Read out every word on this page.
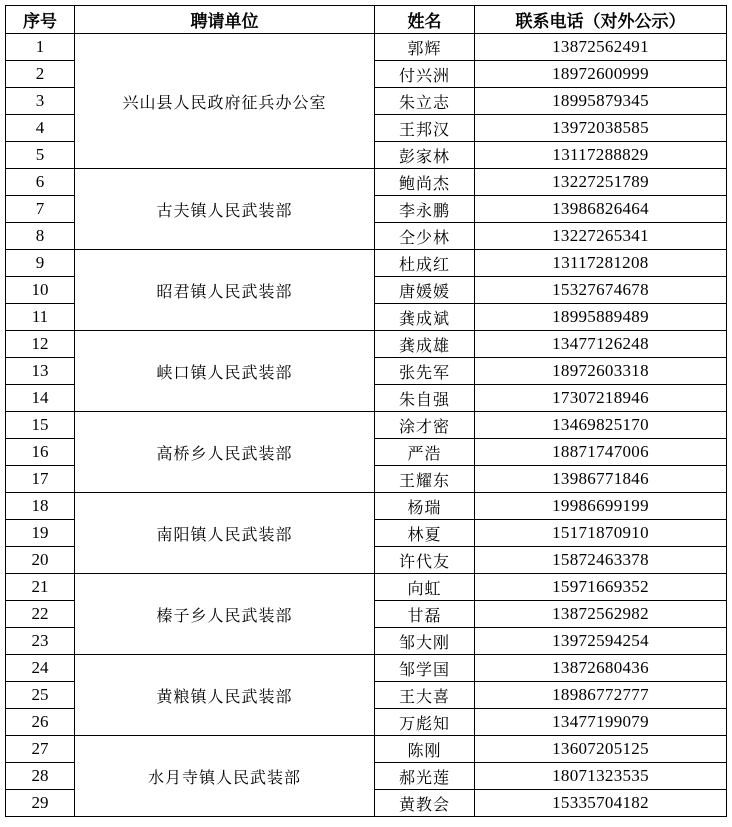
序号	聘请单位	姓名	联系电话（对外公示）
1	兴山县人民政府征兵办公室	郭辉	13872562491
2		付兴洲	18972600999
3		朱立志	18995879345
4		王邦汉	13972038585
5		彭家林	13117288829
6	古夫镇人民武装部	鲍尚杰	13227251789
7		李永鹏	13986826464
8		仝少林	13227265341
9	昭君镇人民武装部	杜成红	13117281208
10		唐媛媛	15327674678
11		龚成斌	18995889489
12	峡口镇人民武装部	龚成雄	13477126248
13		张先军	18972603318
14		朱自强	17307218946
15	高桥乡人民武装部	涂才密	13469825170
16		严浩	18871747006
17		王耀东	13986771846
18	南阳镇人民武装部	杨瑞	19986699199
19		林夏	15171870910
20		许代友	15872463378
21	榛子乡人民武装部	向虹	15971669352
22		甘磊	13872562982
23		邹大刚	13972594254
24	黄粮镇人民武装部	邹学国	13872680436
25		王大喜	18986772777
26		万彪知	13477199079
27	水月寺镇人民武装部	陈刚	13607205125
28		郝光莲	18071323535
29		黄教会	15335704182
